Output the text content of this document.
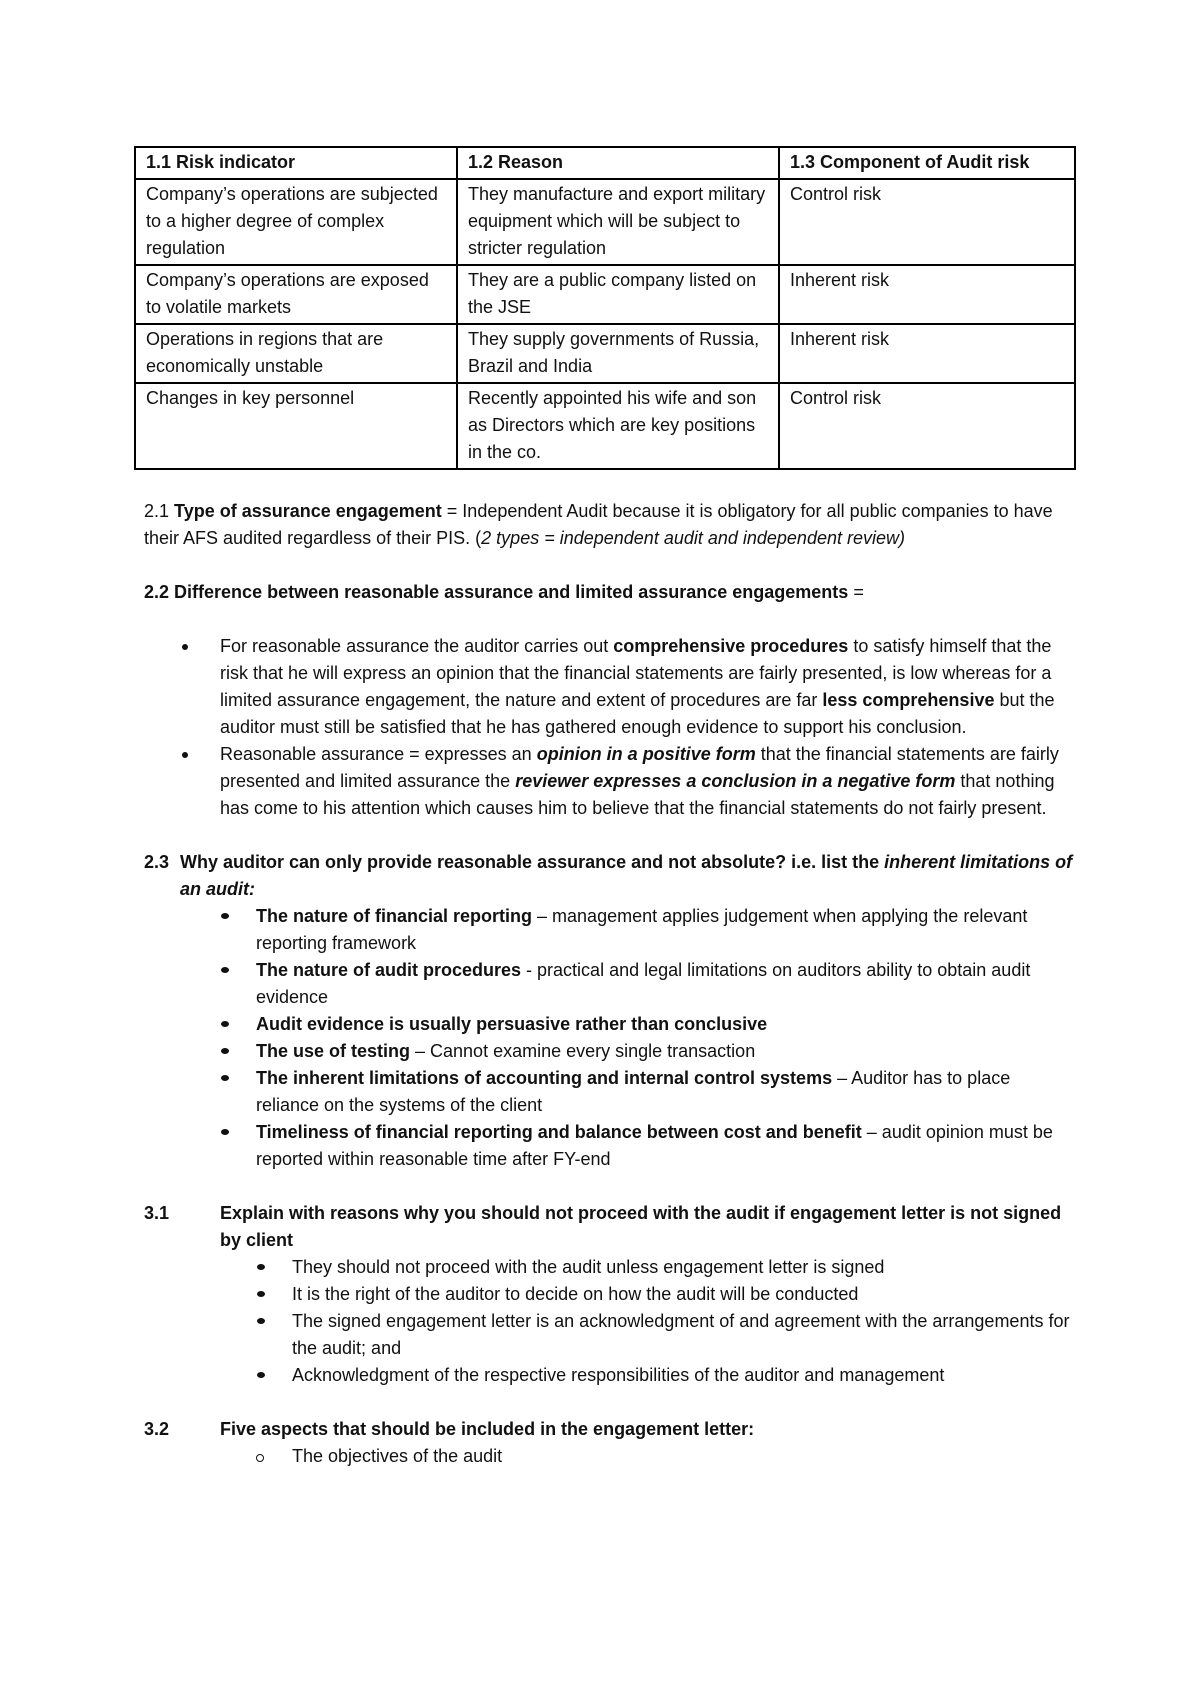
1.1 Risk indicator	1.2 Reason	1.3 Component of Audit risk
Company’s operations are subjected to a higher degree of complex regulation	They manufacture and export military equipment which will be subject to stricter regulation	Control risk
Company’s operations are exposed to volatile markets	They are a public company listed on the JSE	Inherent risk
Operations in regions that are economically unstable	They supply governments of Russia, Brazil and India	Inherent risk
Changes in key personnel	Recently appointed his wife and son as Directors which are key positions in the co.	Control risk

2.1 Type of assurance engagement = Independent Audit because it is obligatory for all public companies to have their AFS audited regardless of their PIS. (2 types = independent audit and independent review)

2.2 Difference between reasonable assurance and limited assurance engagements =

For reasonable assurance the auditor carries out comprehensive procedures to satisfy himself that the risk that he will express an opinion that the financial statements are fairly presented, is low whereas for a limited assurance engagement, the nature and extent of procedures are far less comprehensive but the auditor must still be satisfied that he has gathered enough evidence to support his conclusion.
Reasonable assurance = expresses an opinion in a positive form that the financial statements are fairly presented and limited assurance the reviewer expresses a conclusion in a negative form that nothing has come to his attention which causes him to believe that the financial statements do not fairly present.
2.3 Why auditor can only provide reasonable assurance and not absolute? i.e. list the inherent limitations of an audit:
The nature of financial reporting – management applies judgement when applying the relevant reporting framework
The nature of audit procedures - practical and legal limitations on auditors ability to obtain audit evidence
Audit evidence is usually persuasive rather than conclusive
The use of testing – Cannot examine every single transaction
The inherent limitations of accounting and internal control systems – Auditor has to place reliance on the systems of the client
Timeliness of financial reporting and balance between cost and benefit – audit opinion must be reported within reasonable time after FY-end
3.1	Explain with reasons why you should not proceed with the audit if engagement letter is not signed by client
They should not proceed with the audit unless engagement letter is signed
It is the right of the auditor to decide on how the audit will be conducted
The signed engagement letter is an acknowledgment of and agreement with the arrangements for the audit; and
Acknowledgment of the respective responsibilities of the auditor and management
3.2	Five aspects that should be included in the engagement letter:
The objectives of the audit
